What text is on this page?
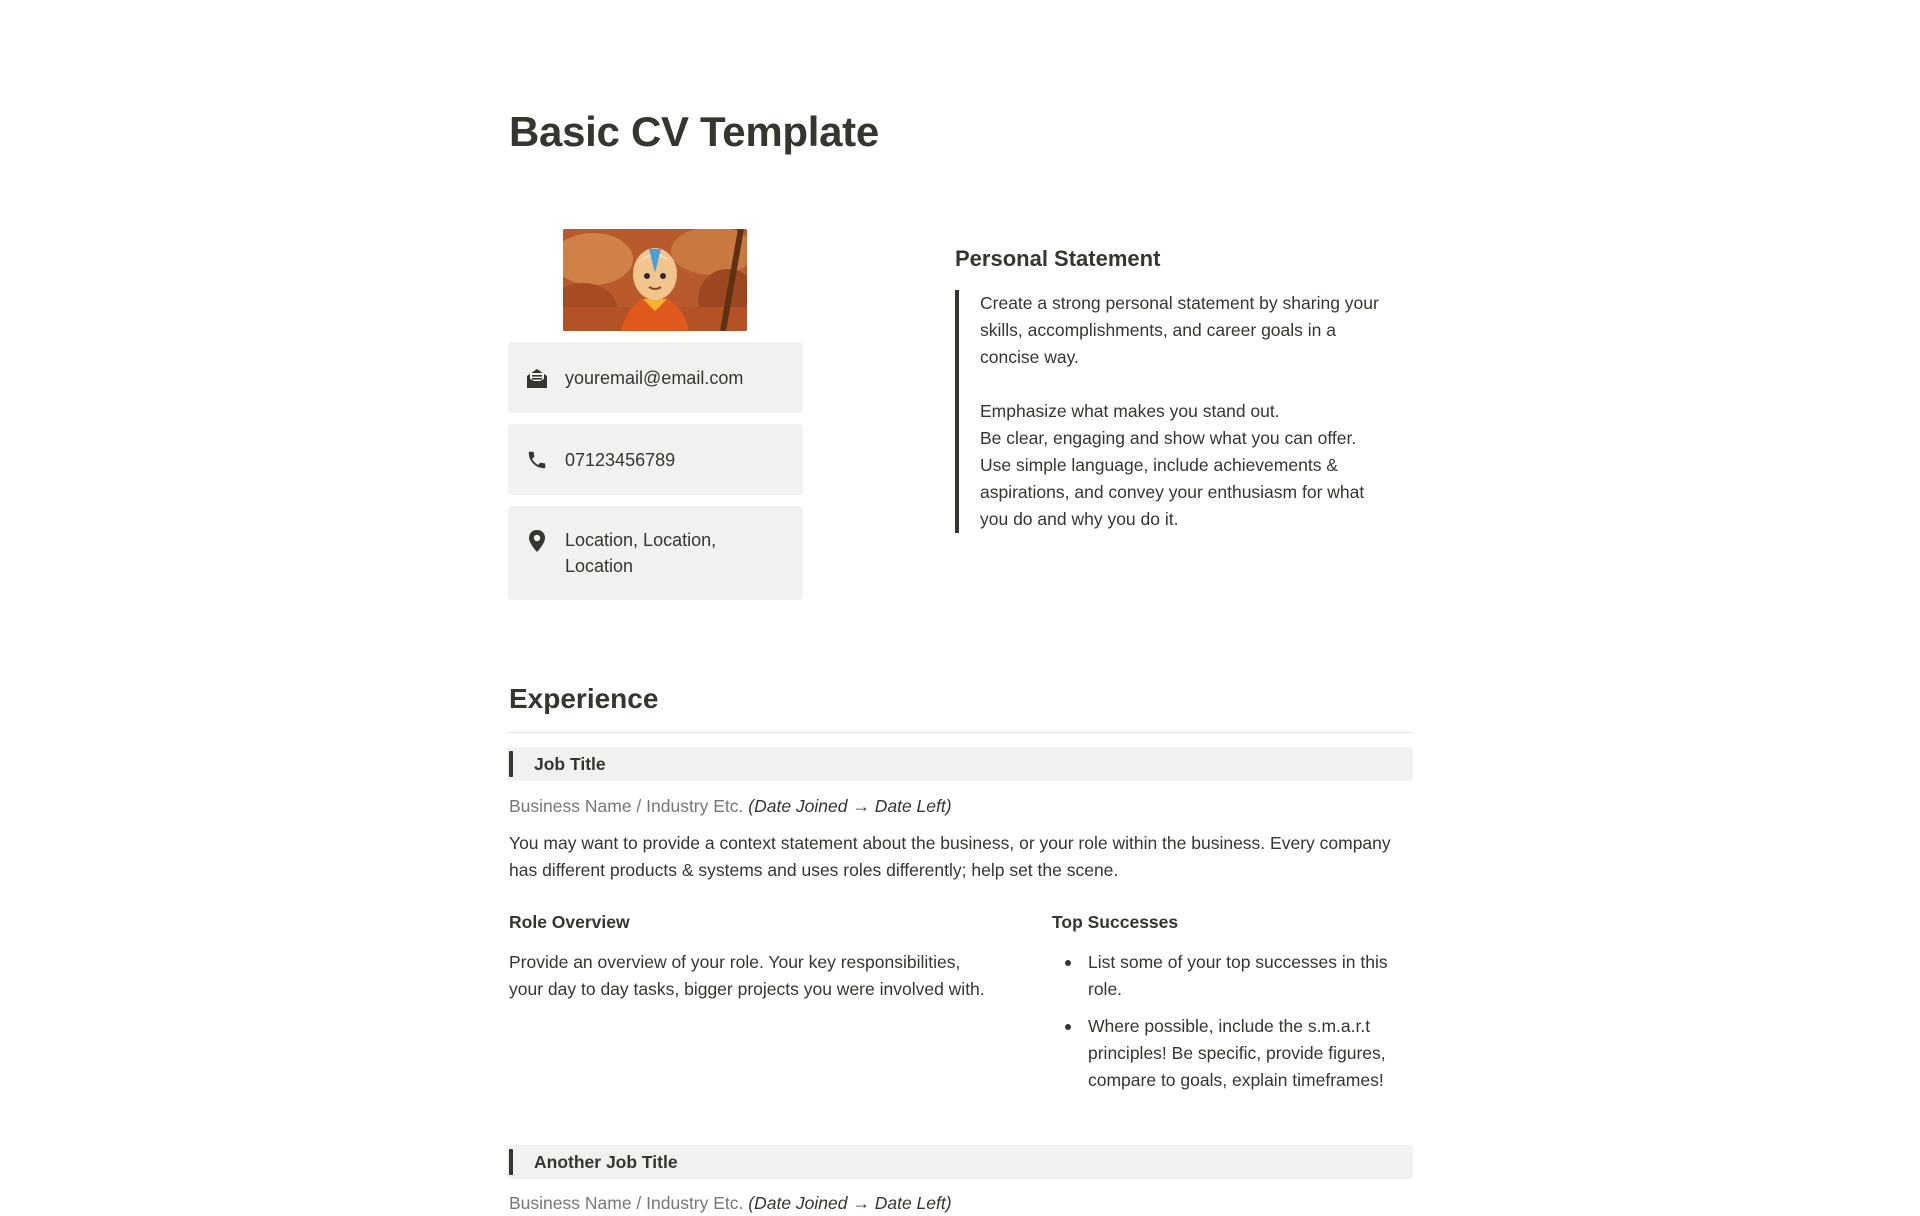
Basic CV Template
youremail@email.com
07123456789
Location, Location, Location
Personal Statement

Create a strong personal statement by sharing your skills, accomplishments, and career goals in a concise way.

Emphasize what makes you stand out.

Be clear, engaging and show what you can offer. Use simple language, include achievements & aspirations, and convey your enthusiasm for what you do and why you do it.

Experience
Job Title
Business Name / Industry Etc. (Date Joined → Date Left)

You may want to provide a context statement about the business, or your role within the business. Every company has different products & systems and uses roles differently; help set the scene.

Role Overview

Provide an overview of your role. Your key responsibilities, your day to day tasks, bigger projects you were involved with.

Top Successes
List some of your top successes in this role.
Where possible, include the s.m.a.r.t principles! Be specific, provide figures, compare to goals, explain timeframes!
Another Job Title
Business Name / Industry Etc. (Date Joined → Date Left)
